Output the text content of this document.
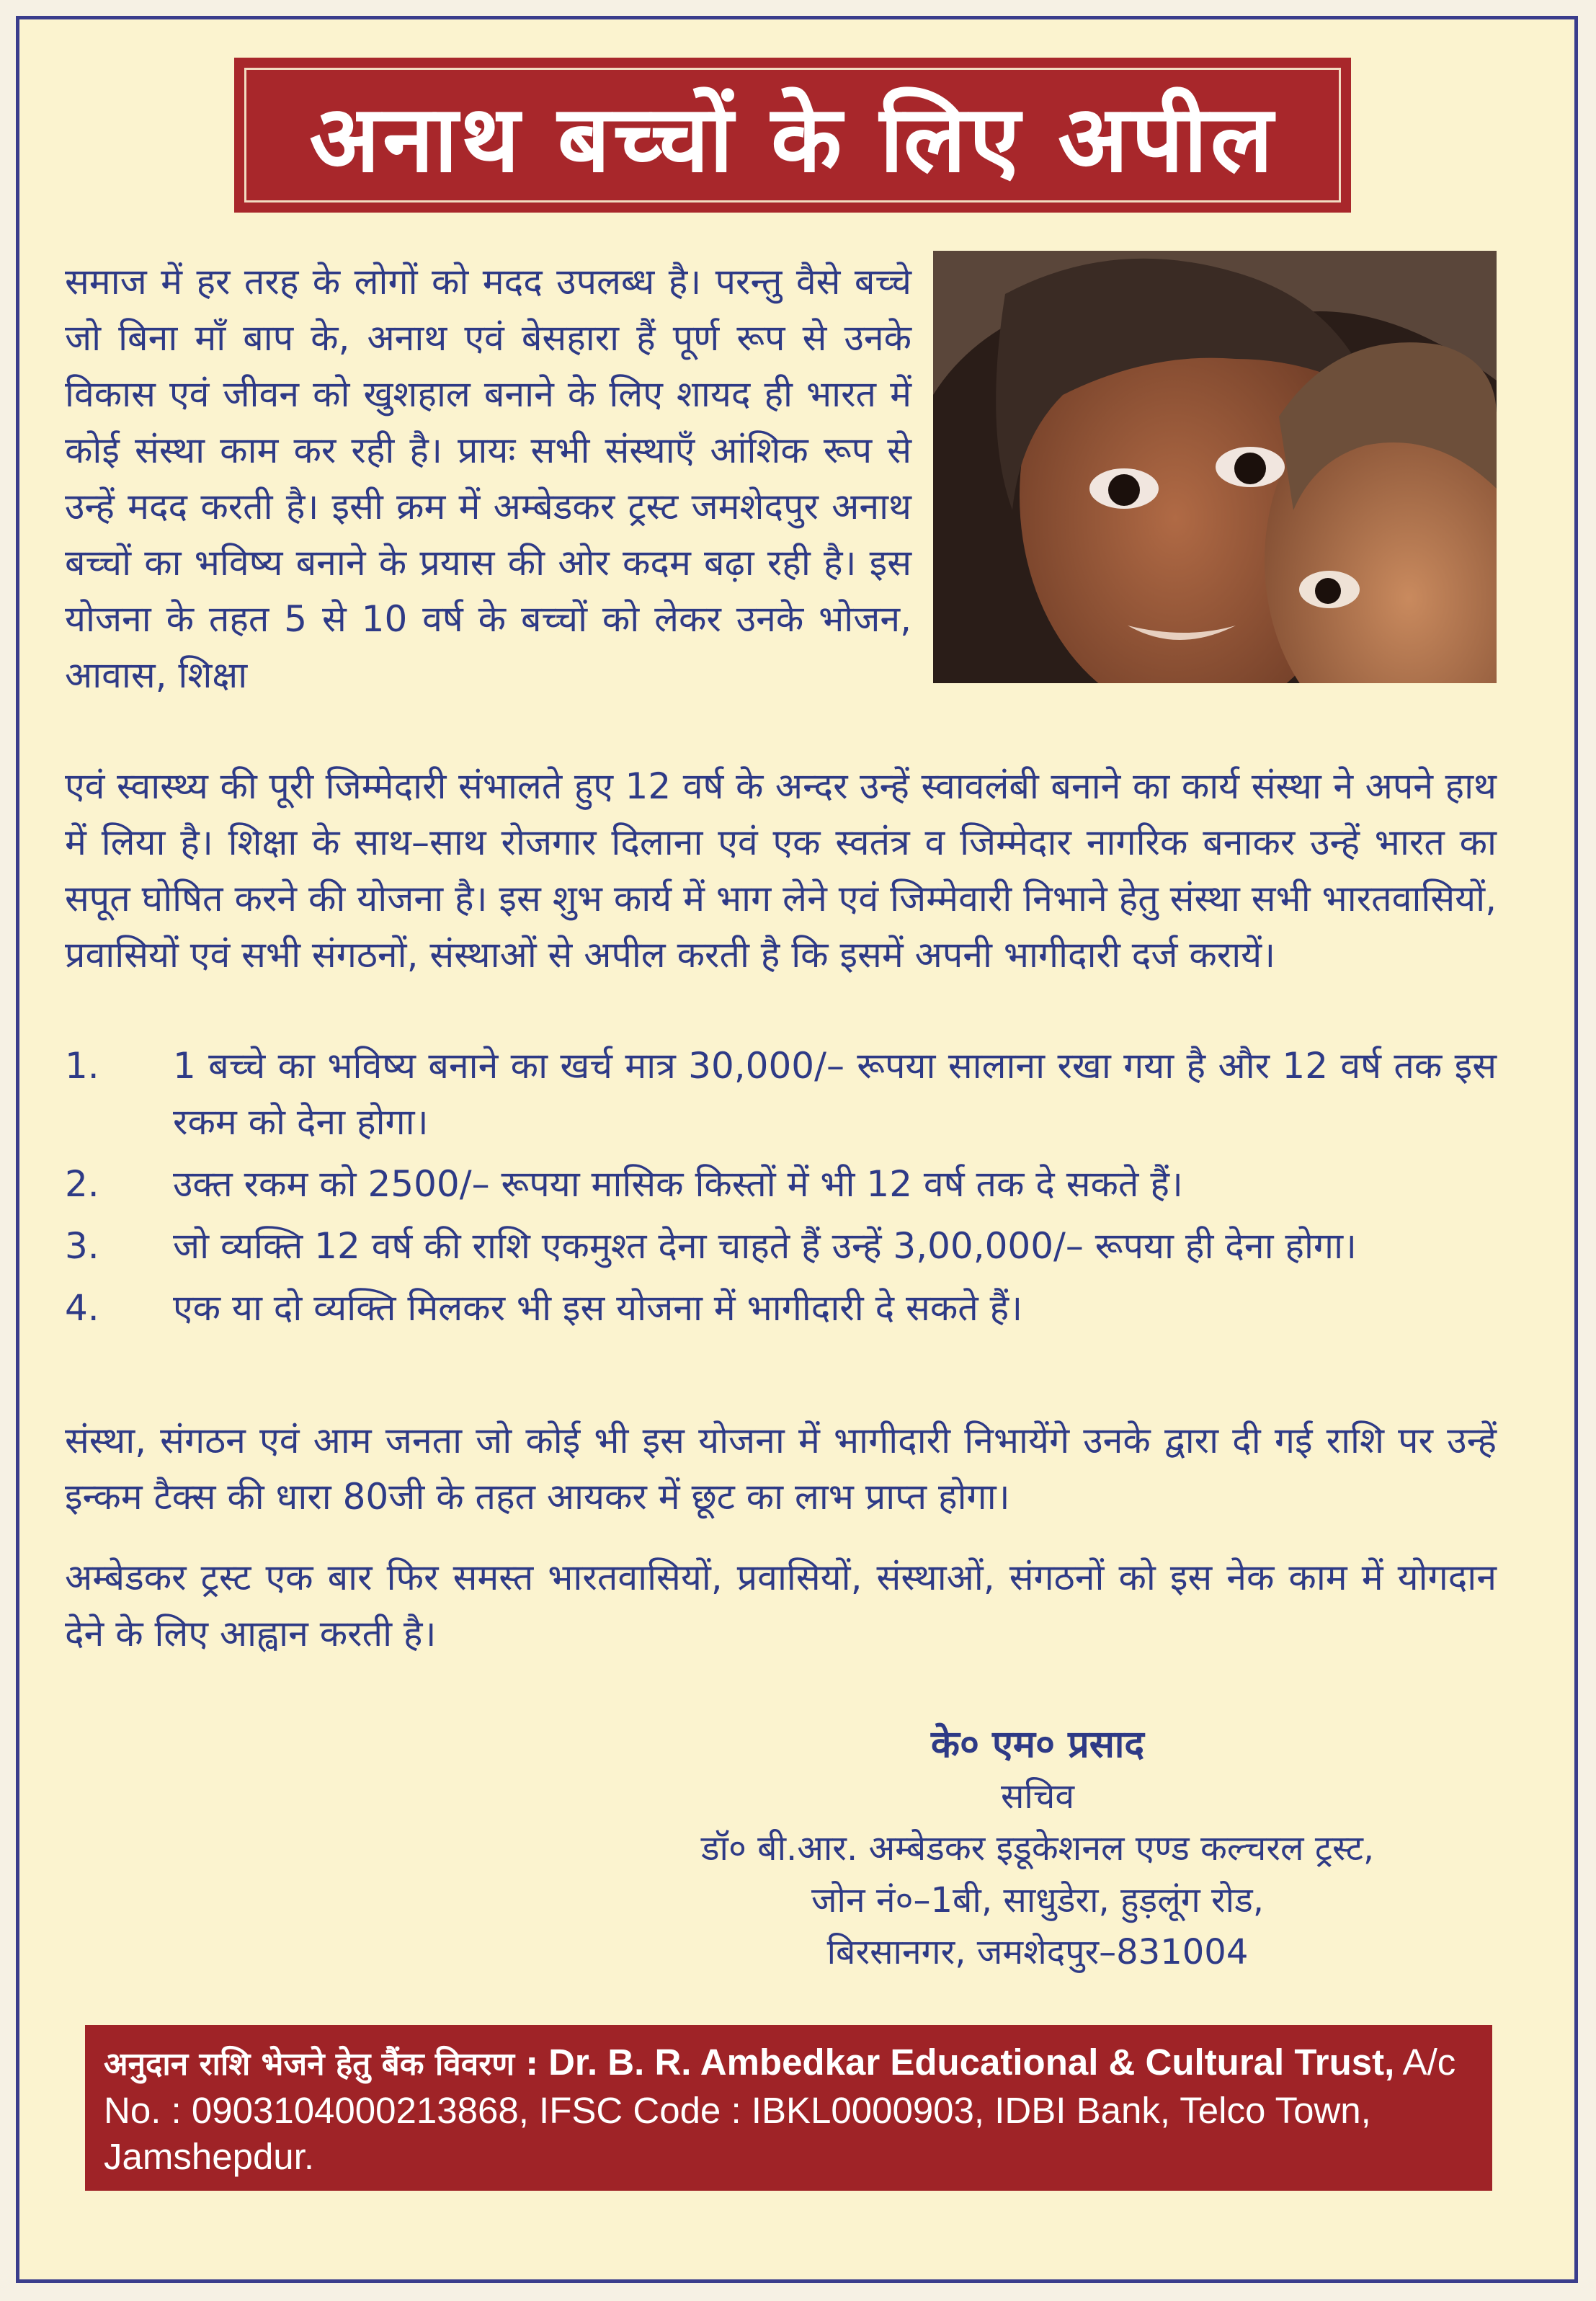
अनाथ बच्चों के लिए अपील

समाज में हर तरह के लोगों को मदद उपलब्ध है। परन्तु वैसे बच्चे जो बिना माँ बाप के, अनाथ एवं बेसहारा हैं पूर्ण रूप से उनके विकास एवं जीवन को खुशहाल बनाने के लिए शायद ही भारत में कोई संस्था काम कर रही है। प्रायः सभी संस्थाएँ आंशिक रूप से उन्हें मदद करती है। इसी क्रम में अम्बेडकर ट्रस्ट जमशेदपुर अनाथ बच्चों का भविष्य बनाने के प्रयास की ओर कदम बढ़ा रही है। इस योजना के तहत 5 से 10 वर्ष के बच्चों को लेकर उनके भोजन, आवास, शिक्षा

एवं स्वास्थ्य की पूरी जिम्मेदारी संभालते हुए 12 वर्ष के अन्दर उन्हें स्वावलंबी बनाने का कार्य संस्था ने अपने हाथ में लिया है। शिक्षा के साथ–साथ रोजगार दिलाना एवं एक स्वतंत्र व जिम्मेदार नागरिक बनाकर उन्हें भारत का सपूत घोषित करने की योजना है। इस शुभ कार्य में भाग लेने एवं जिम्मेवारी निभाने हेतु संस्था सभी भारतवासियों, प्रवासियों एवं सभी संगठनों, संस्थाओं से अपील करती है कि इसमें अपनी भागीदारी दर्ज करायें।

1.	1 बच्चे का भविष्य बनाने का खर्च मात्र 30,000/– रूपया सालाना रखा गया है और 12 वर्ष तक इस रकम को देना होगा।
2.	उक्त रकम को 2500/– रूपया मासिक किस्तों में भी 12 वर्ष तक दे सकते हैं।
3.	जो व्यक्ति 12 वर्ष की राशि एकमुश्त देना चाहते हैं उन्हें 3,00,000/– रूपया ही देना होगा।
4.	एक या दो व्यक्ति मिलकर भी इस योजना में भागीदारी दे सकते हैं।

संस्था, संगठन एवं आम जनता जो कोई भी इस योजना में भागीदारी निभायेंगे उनके द्वारा दी गई राशि पर उन्हें इन्कम टैक्स की धारा 80जी के तहत आयकर में छूट का लाभ प्राप्त होगा।

अम्बेडकर ट्रस्ट एक बार फिर समस्त भारतवासियों, प्रवासियों, संस्थाओं, संगठनों को इस नेक काम में योगदान देने के लिए आह्वान करती है।

के० एम० प्रसाद
सचिव
डॉ० बी.आर. अम्बेडकर इडूकेशनल एण्ड कल्चरल ट्रस्ट,
जोन नं०–1बी, साधुडेरा, हुड़लूंग रोड,
बिरसानगर, जमशेदपुर–831004
अनुदान राशि भेजने हेतु बैंक विवरण : Dr. B. R. Ambedkar Educational & Cultural Trust, A/c No. : 0903104000213868, IFSC Code : IBKL0000903, IDBI Bank, Telco Town, Jamshepdur.
